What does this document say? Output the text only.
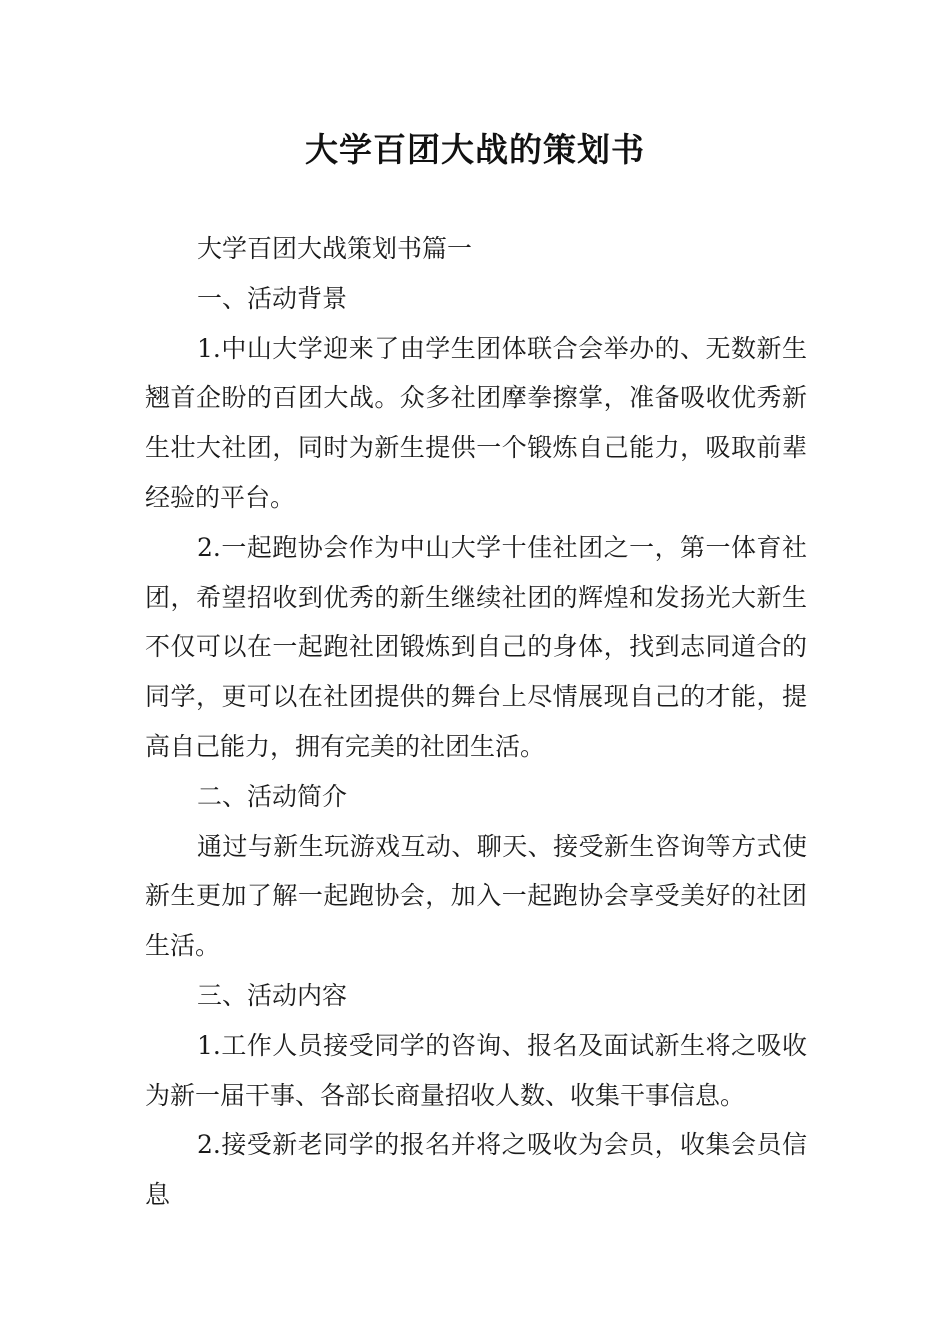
大学百团大战的策划书

大学百团大战策划书篇一

一、活动背景

1.中山大学迎来了由学生团体联合会举办的、无数新生翘首企盼的百团大战。众多社团摩拳擦掌，准备吸收优秀新生壮大社团，同时为新生提供一个锻炼自己能力，吸取前辈经验的平台。

2.一起跑协会作为中山大学十佳社团之一，第一体育社团，希望招收到优秀的新生继续社团的辉煌和发扬光大新生不仅可以在一起跑社团锻炼到自己的身体，找到志同道合的同学，更可以在社团提供的舞台上尽情展现自己的才能，提高自己能力，拥有完美的社团生活。

二、活动简介

通过与新生玩游戏互动、聊天、接受新生咨询等方式使新生更加了解一起跑协会，加入一起跑协会享受美好的社团生活。

三、活动内容

1.工作人员接受同学的咨询、报名及面试新生将之吸收为新一届干事、各部长商量招收人数、收集干事信息。

2.接受新老同学的报名并将之吸收为会员，收集会员信息
